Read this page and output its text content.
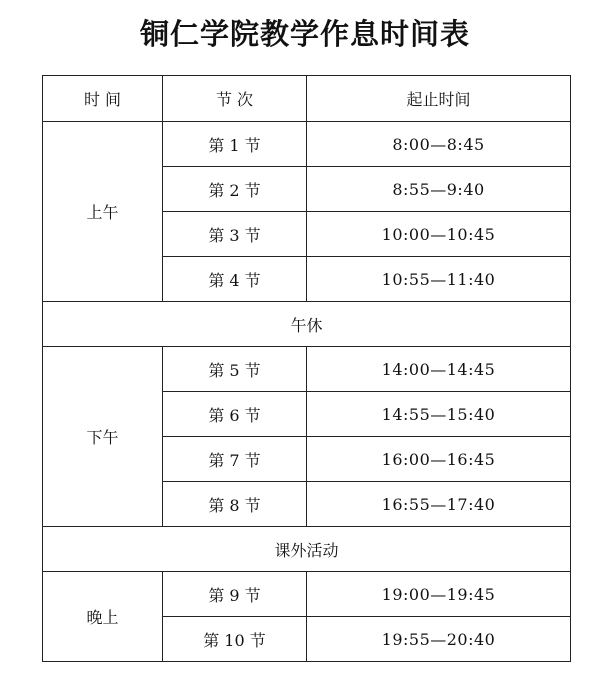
铜仁学院教学作息时间表
时 间	节 次	起止时间
上午	第 1 节	8:00—8:45
	第 2 节	8:55—9:40
	第 3 节	10:00—10:45
	第 4 节	10:55—11:40
午休		
下午	第 5 节	14:00—14:45
	第 6 节	14:55—15:40
	第 7 节	16:00—16:45
	第 8 节	16:55—17:40
课外活动		
晚上	第 9 节	19:00—19:45
	第 10 节	19:55—20:40
